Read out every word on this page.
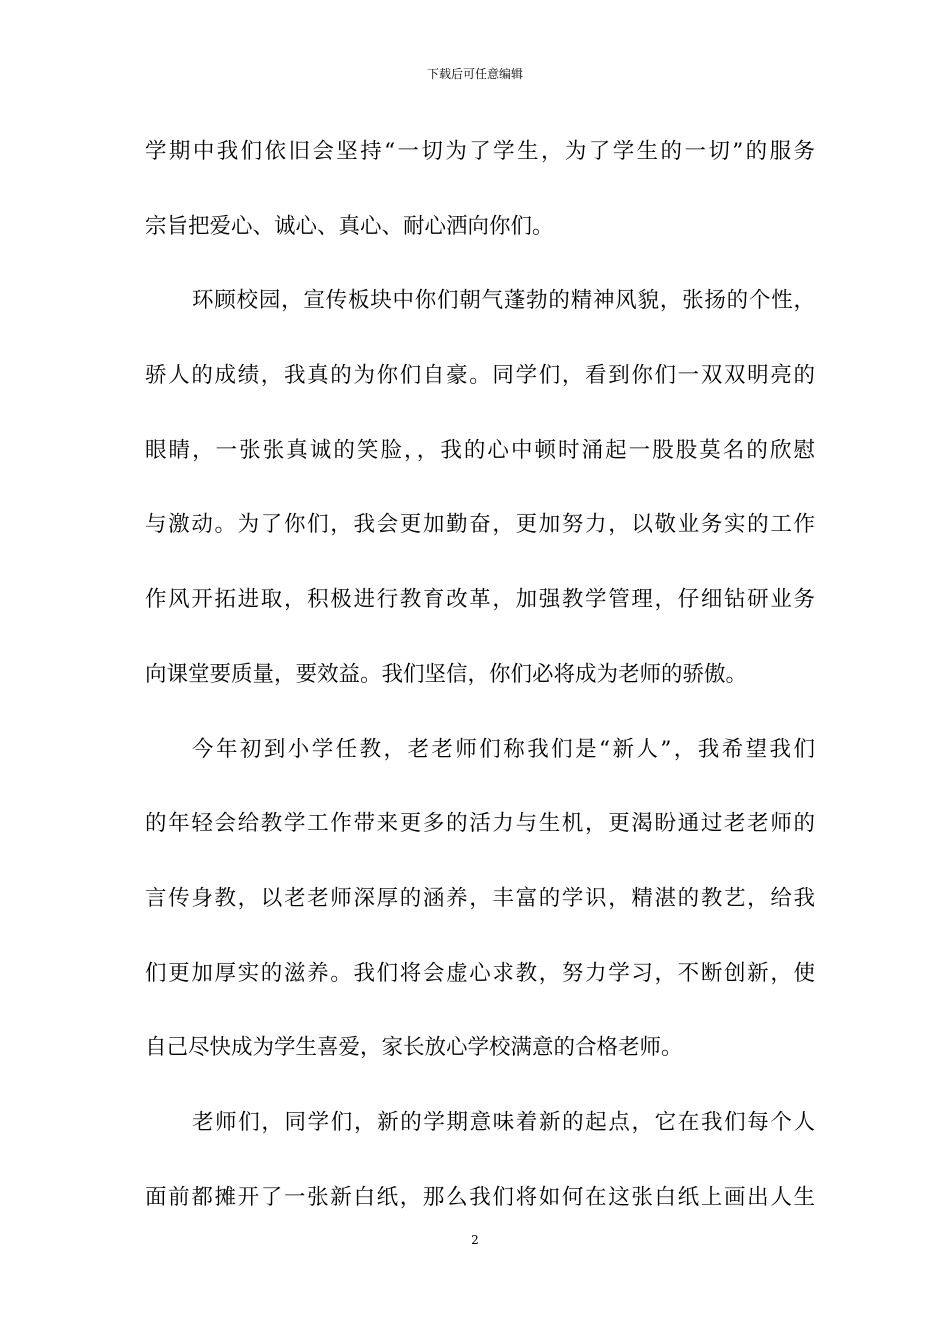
下载后可任意编辑
学期中我们依旧会坚持“一切为了学生，为了学生的一切”的服务
宗旨把爱心、诚心、真心、耐心洒向你们。
环顾校园，宣传板块中你们朝气蓬勃的精神风貌，张扬的个性，
骄人的成绩，我真的为你们自豪。同学们，看到你们一双双明亮的
眼睛，一张张真诚的笑脸，，我的心中顿时涌起一股股莫名的欣慰
与激动。为了你们，我会更加勤奋，更加努力，以敬业务实的工作
作风开拓进取，积极进行教育改革，加强教学管理，仔细钻研业务
向课堂要质量，要效益。我们坚信，你们必将成为老师的骄傲。
今年初到小学任教，老老师们称我们是“新人”，我希望我们
的年轻会给教学工作带来更多的活力与生机，更渴盼通过老老师的
言传身教，以老老师深厚的涵养，丰富的学识，精湛的教艺，给我
们更加厚实的滋养。我们将会虚心求教，努力学习，不断创新，使
自己尽快成为学生喜爱，家长放心学校满意的合格老师。
老师们，同学们，新的学期意味着新的起点，它在我们每个人
面前都摊开了一张新白纸，那么我们将如何在这张白纸上画出人生
2
